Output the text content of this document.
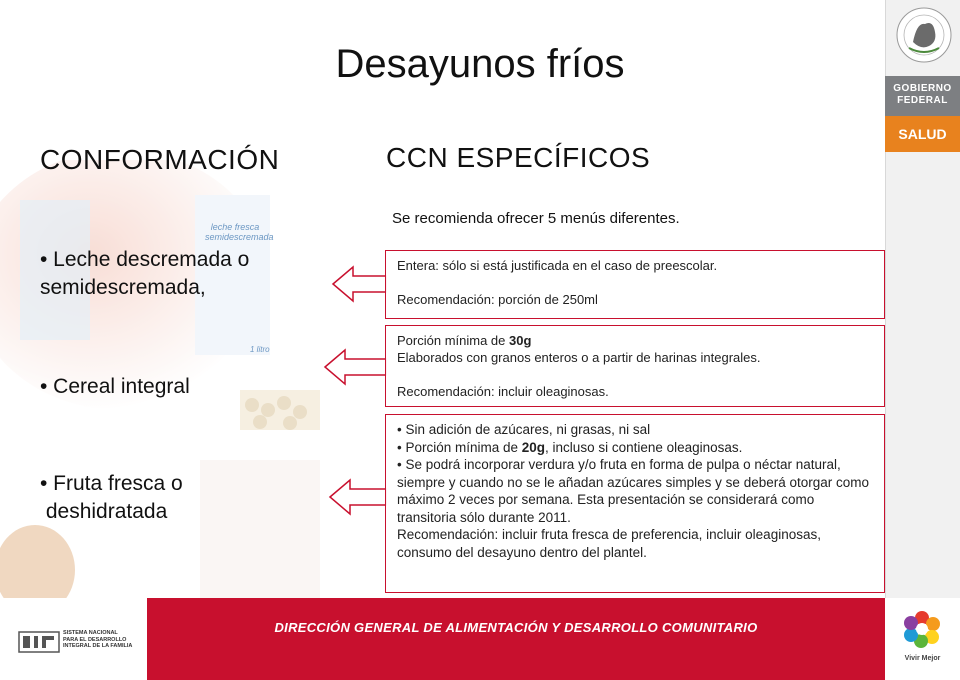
leche fresca
semidescremada
1 litro
Desayunos fríos
CONFORMACIÓN	CCN ESPECÍFICOS
• Leche descremada o
semidescremada,
• Cereal integral
• Fruta fresca o
deshidratada
Se recomienda ofrecer 5 menús diferentes.

Entera: sólo si está justificada en el caso de preescolar.

Recomendación: porción de 250ml

Porción mínima de 30g

Elaborados con granos enteros o a partir de harinas integrales.

Recomendación: incluir oleaginosas.

• Sin adición de azúcares, ni grasas, ni sal

• Porción mínima de 20g, incluso si contiene oleaginosas.

• Se podrá incorporar verdura y/o fruta en forma de pulpa o néctar natural, siempre y cuando no se le añadan azúcares simples y se deberá otorgar como máximo 2 veces por semana. Esta presentación se considerará como transitoria sólo durante 2011.

Recomendación: incluir fruta fresca de preferencia, incluir oleaginosas, consumo del desayuno dentro del plantel.

GOBIERNO
FEDERAL
SALUD
SISTEMA NACIONAL
PARA EL DESARROLLO
INTEGRAL DE LA FAMILIA
DIRECCIÓN GENERAL DE ALIMENTACIÓN Y DESARROLLO COMUNITARIO
Vivir Mejor
